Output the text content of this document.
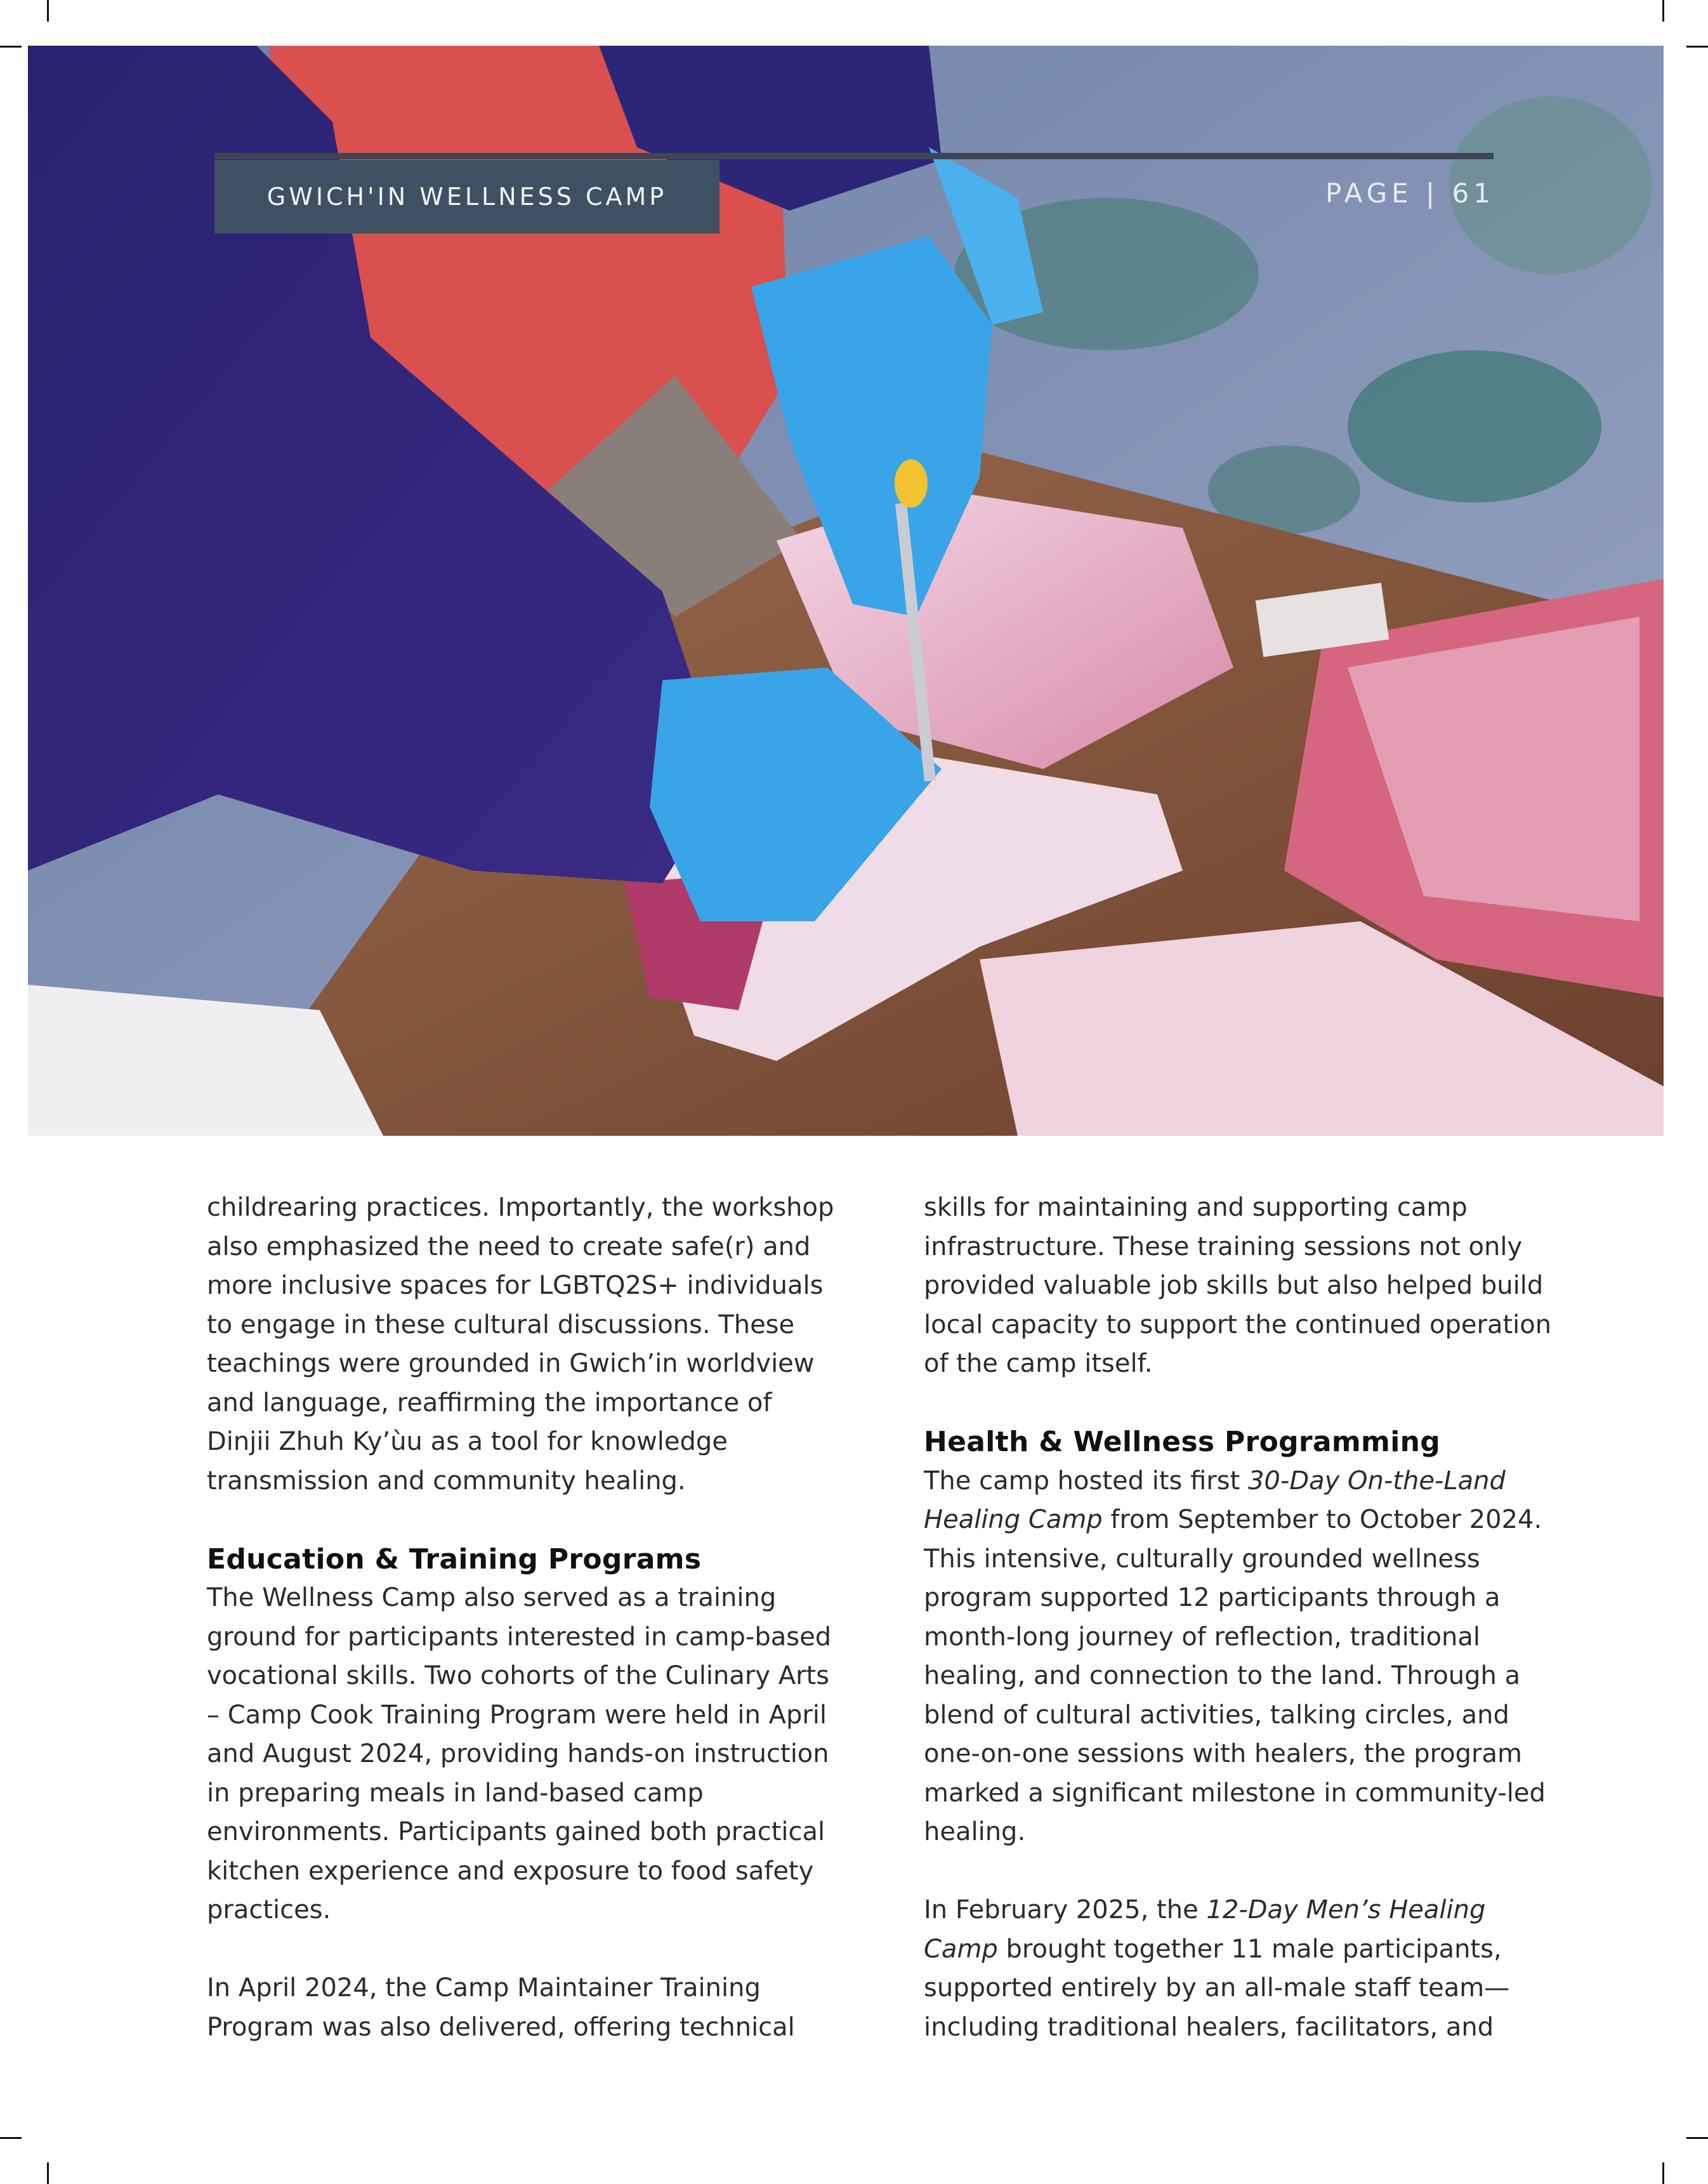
GWICH'IN WELLNESS CAMP	PAGE | 61

childrearing practices. Importantly, the workshop also emphasized the need to create safe(r) and more inclusive spaces for LGBTQ2S+ individuals to engage in these cultural discussions. These teachings were grounded in Gwich’in worldview and language, reaffirming the importance of Dinjii Zhuh Ky’ùu as a tool for knowledge transmission and community healing.

Education & Training Programs

The Wellness Camp also served as a training ground for participants interested in camp-based vocational skills. Two cohorts of the Culinary Arts – Camp Cook Training Program were held in April and August 2024, providing hands-on instruction in preparing meals in land-based camp environments. Participants gained both practical kitchen experience and exposure to food safety practices.

In April 2024, the Camp Maintainer Training Program was also delivered, offering technical

skills for maintaining and supporting camp infrastructure. These training sessions not only provided valuable job skills but also helped build local capacity to support the continued operation of the camp itself.

Health & Wellness Programming

The camp hosted its first 30-Day On-the-Land Healing Camp from September to October 2024. This intensive, culturally grounded wellness program supported 12 participants through a month-long journey of reflection, traditional healing, and connection to the land. Through a blend of cultural activities, talking circles, and one-on-one sessions with healers, the program marked a significant milestone in community-led healing.

In February 2025, the 12-Day Men’s Healing Camp brought together 11 male participants, supported entirely by an all-male staff team—including traditional healers, facilitators, and
